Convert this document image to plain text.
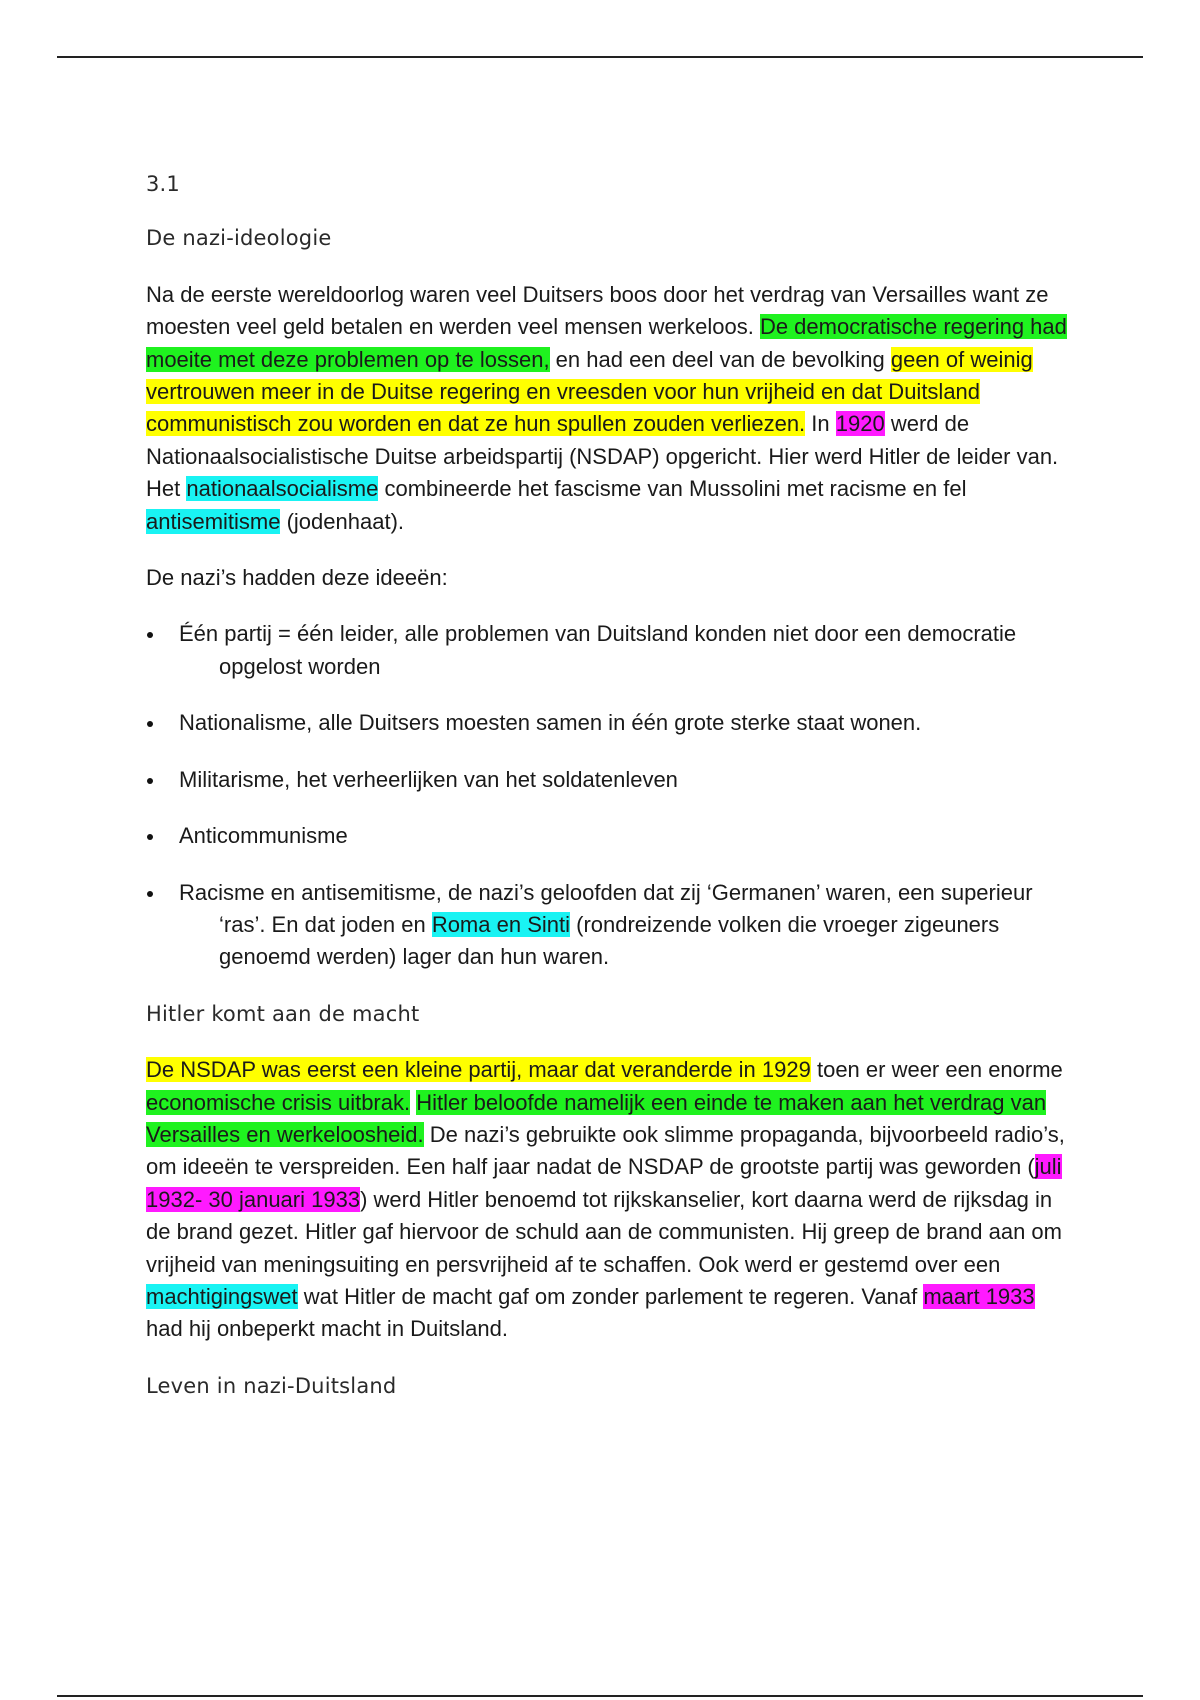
3.1
De nazi-ideologie

Na de eerste wereldoorlog waren veel Duitsers boos door het verdrag van Versailles want ze moesten veel geld betalen en werden veel mensen werkeloos. De democratische regering had moeite met deze problemen op te lossen, en had een deel van de bevolking geen of weinig vertrouwen meer in de Duitse regering en vreesden voor hun vrijheid en dat Duitsland communistisch zou worden en dat ze hun spullen zouden verliezen. In 1920 werd de Nationaalsocialistische Duitse arbeidspartij (NSDAP) opgericht. Hier werd Hitler de leider van. Het nationaalsocialisme combineerde het fascisme van Mussolini met racisme en fel antisemitisme (jodenhaat).

De nazi’s hadden deze ideeën:

Één partij = één leider, alle problemen van Duitsland konden niet door een democratie opgelost worden
Nationalisme, alle Duitsers moesten samen in één grote sterke staat wonen.
Militarisme, het verheerlijken van het soldatenleven
Anticommunisme
Racisme en antisemitisme, de nazi’s geloofden dat zij ‘Germanen’ waren, een superieur ‘ras’. En dat joden en Roma en Sinti (rondreizende volken die vroeger zigeuners genoemd werden) lager dan hun waren.
Hitler komt aan de macht

De NSDAP was eerst een kleine partij, maar dat veranderde in 1929 toen er weer een enorme economische crisis uitbrak. Hitler beloofde namelijk een einde te maken aan het verdrag van Versailles en werkeloosheid. De nazi’s gebruikte ook slimme propaganda, bijvoorbeeld radio’s, om ideeën te verspreiden. Een half jaar nadat de NSDAP de grootste partij was geworden (juli 1932- 30 januari 1933) werd Hitler benoemd tot rijkskanselier, kort daarna werd de rijksdag in de brand gezet. Hitler gaf hiervoor de schuld aan de communisten. Hij greep de brand aan om vrijheid van meningsuiting en persvrijheid af te schaffen. Ook werd er gestemd over een machtigingswet wat Hitler de macht gaf om zonder parlement te regeren. Vanaf maart 1933 had hij onbeperkt macht in Duitsland.

Leven in nazi-Duitsland
